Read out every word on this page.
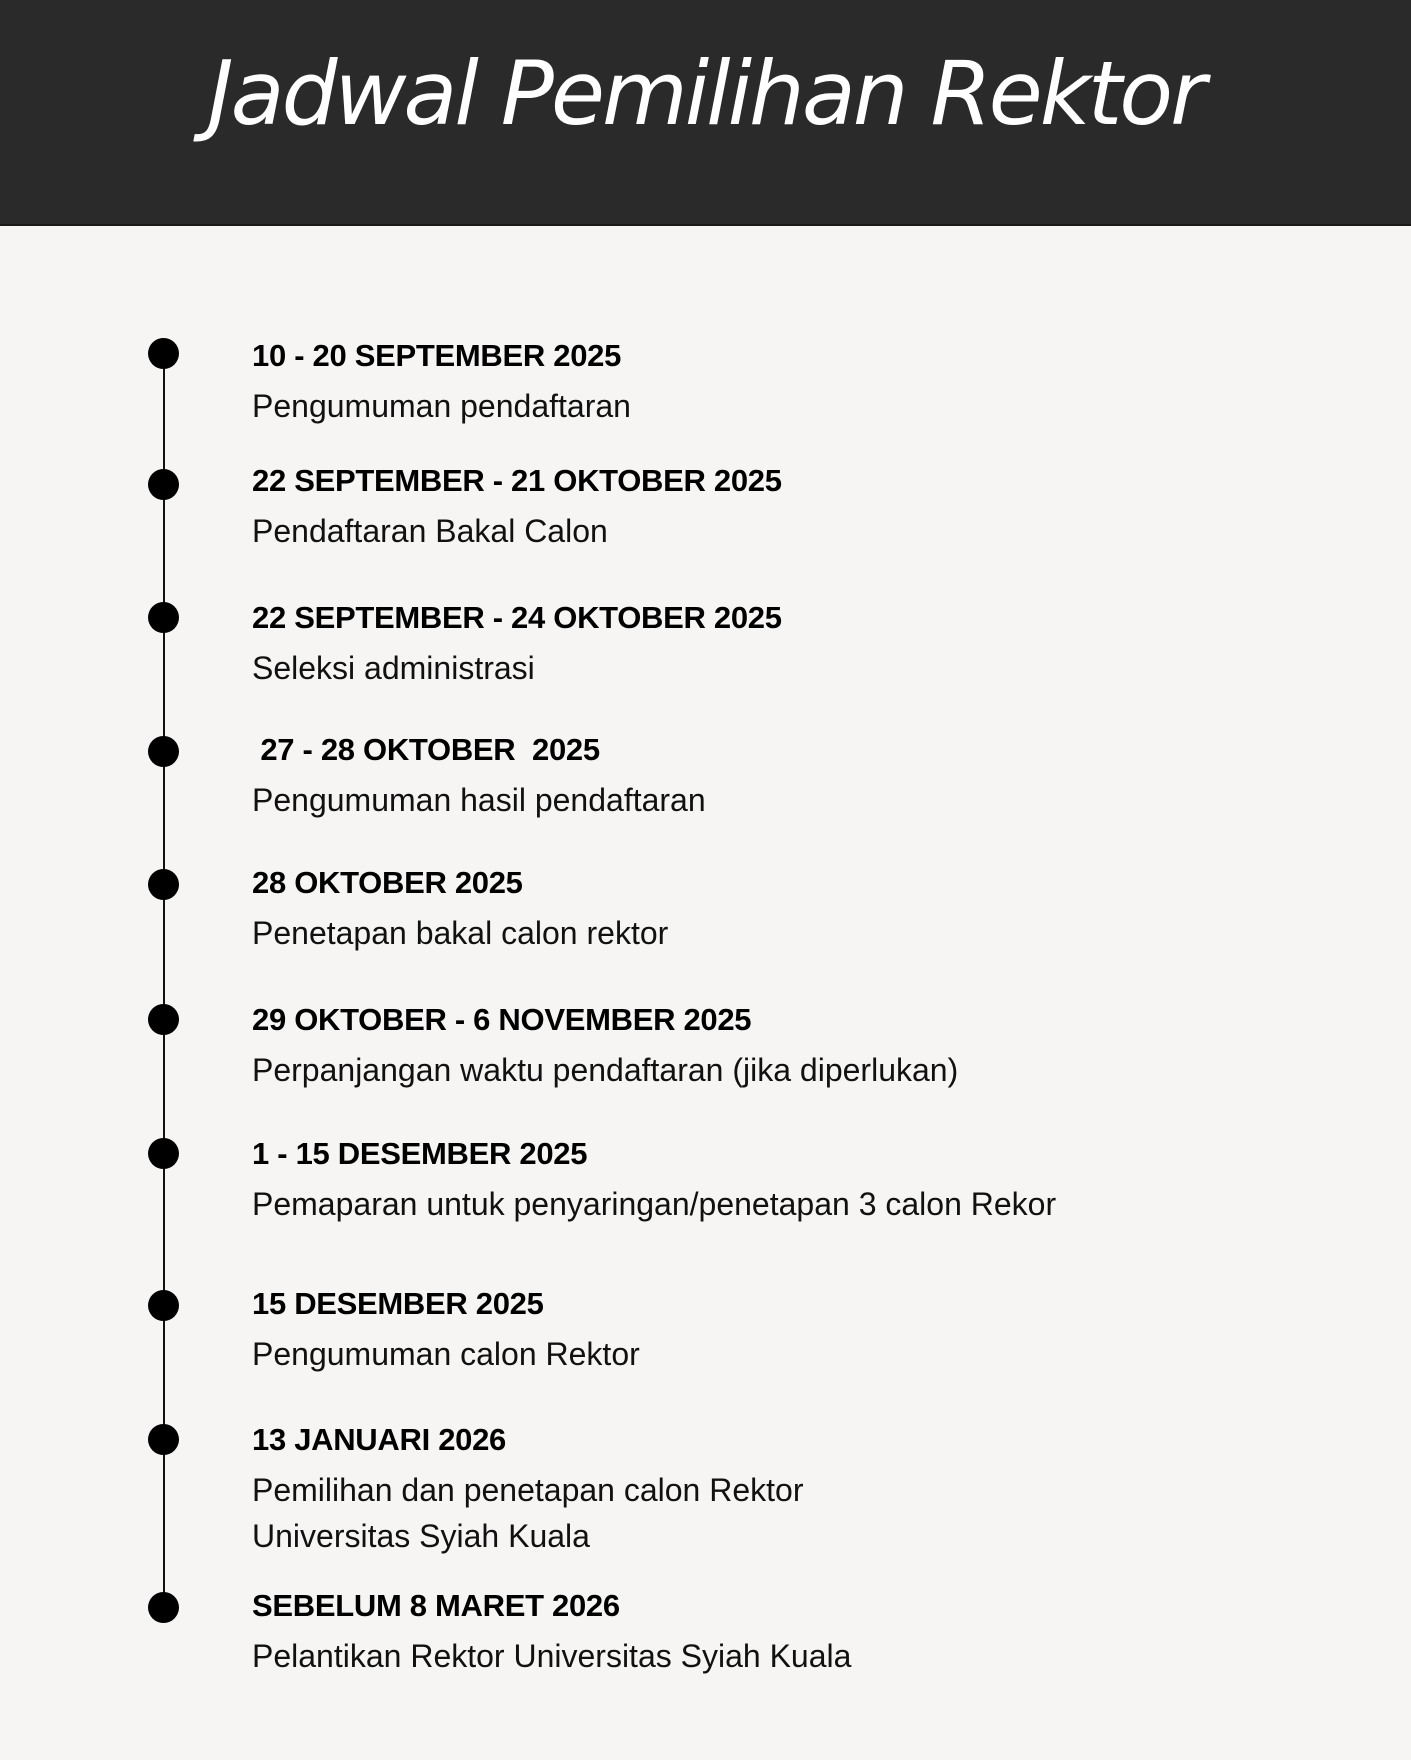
Jadwal Pemilihan Rektor
10 - 20 SEPTEMBER 2025
Pengumuman pendaftaran
22 SEPTEMBER - 21 OKTOBER 2025
Pendaftaran Bakal Calon
22 SEPTEMBER - 24 OKTOBER 2025
Seleksi administrasi
27 - 28 OKTOBER  2025
Pengumuman hasil pendaftaran
28 OKTOBER 2025
Penetapan bakal calon rektor
29 OKTOBER - 6 NOVEMBER 2025
Perpanjangan waktu pendaftaran (jika diperlukan)
1 - 15 DESEMBER 2025
Pemaparan untuk penyaringan/penetapan 3 calon Rekor
15 DESEMBER 2025
Pengumuman calon Rektor
13 JANUARI 2026
Pemilihan dan penetapan calon Rektor
Universitas Syiah Kuala
SEBELUM 8 MARET 2026
Pelantikan Rektor Universitas Syiah Kuala
